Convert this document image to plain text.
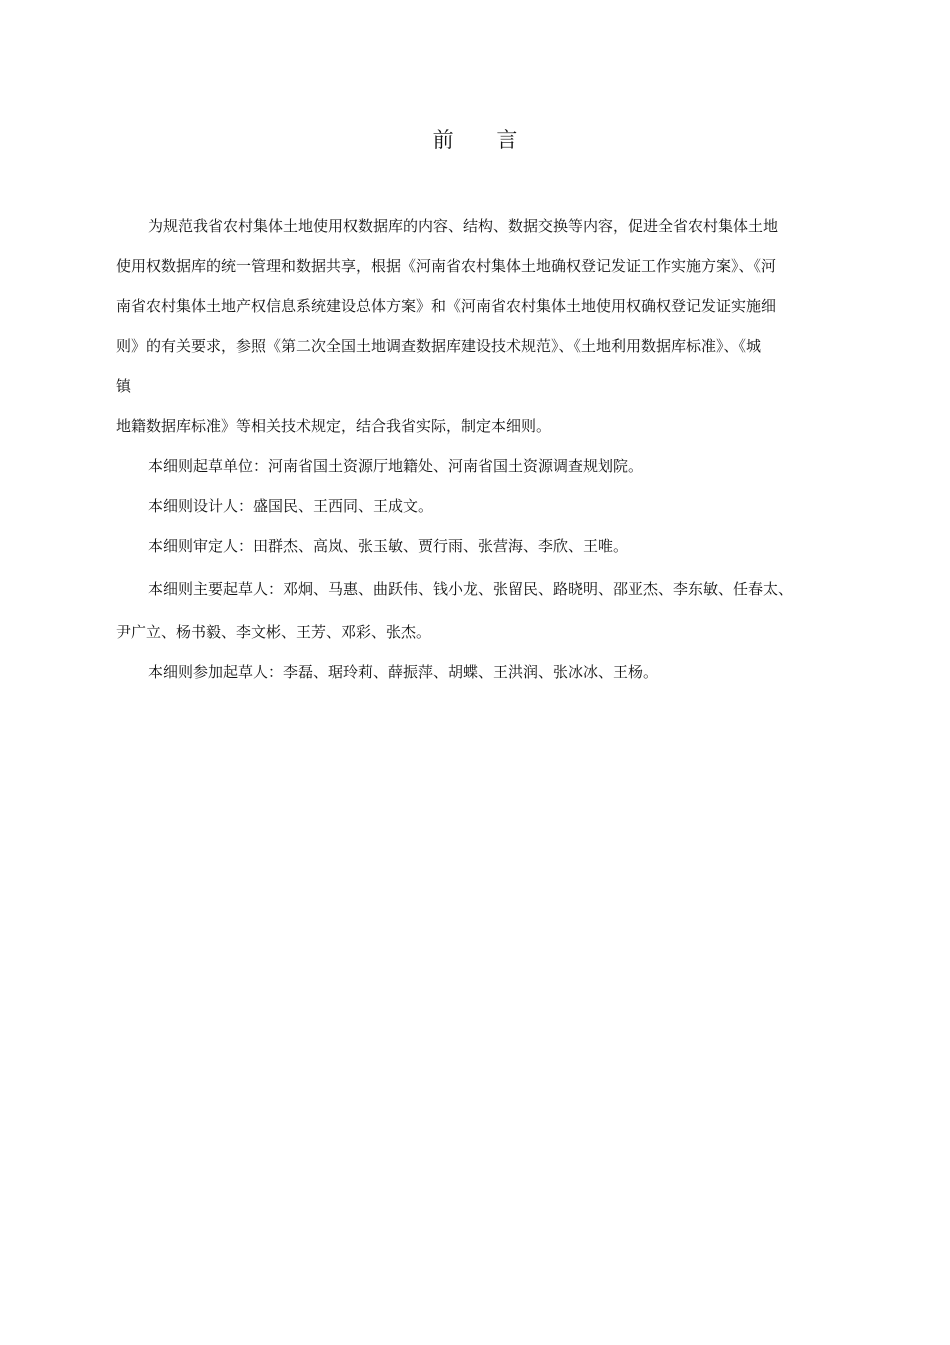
前 言
为规范我省农村集体土地使用权数据库的内容、结构、数据交换等内容，促进全省农村集体土地
使用权数据库的统一管理和数据共享，根据《河南省农村集体土地确权登记发证工作实施方案》、《河
南省农村集体土地产权信息系统建设总体方案》和《河南省农村集体土地使用权确权登记发证实施细
则》的有关要求，参照《第二次全国土地调查数据库建设技术规范》、《土地利用数据库标准》、《城
镇
地籍数据库标准》等相关技术规定，结合我省实际，制定本细则。
本细则起草单位：河南省国土资源厅地籍处、河南省国土资源调查规划院。
本细则设计人：盛国民、王西同、王成文。
本细则审定人：田群杰、高岚、张玉敏、贾行雨、张营海、李欣、王唯。
本细则主要起草人：邓炯、马惠、曲跃伟、钱小龙、张留民、路晓明、邵亚杰、李东敏、任春太、
尹广立、杨书毅、李文彬、王芳、邓彩、张杰。
本细则参加起草人：李磊、琚玲莉、薛振萍、胡蝶、王洪润、张冰冰、王杨。
